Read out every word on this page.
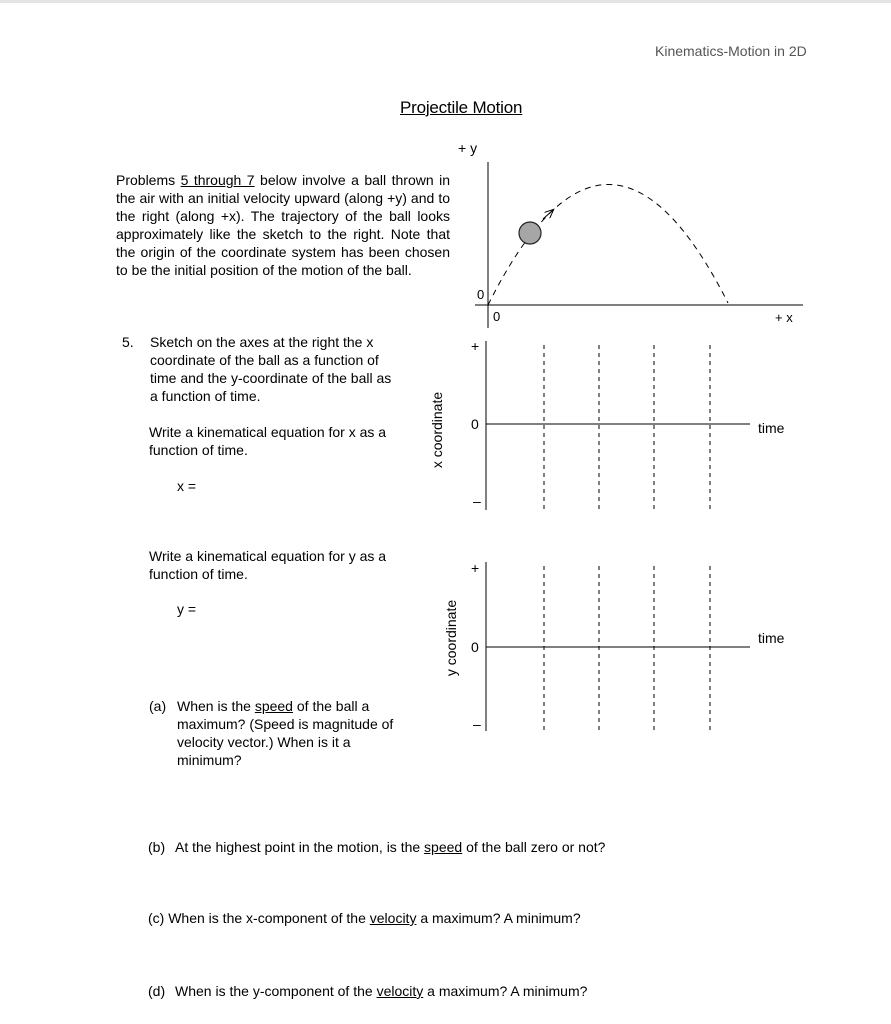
Kinematics-Motion in 2D
Projectile Motion
Problems 5 through 7 below involve a ball thrown in the air with an initial velocity upward (along +y) and to the right (along +x). The trajectory of the ball looks approximately like the sketch to the right. Note that the origin of the coordinate system has been chosen to be the initial position of the motion of the ball.
5. Sketch on the axes at the right the x coordinate of the ball as a function of time and the y-coordinate of the ball as a function of time.
Write a kinematical equation for x as a function of time.
x =
Write a kinematical equation for y as a function of time.
y =
(a) When is the speed of the ball a maximum? (Speed is magnitude of velocity vector.) When is it a minimum?
(b) At the highest point in the motion, is the speed of the ball zero or not?
(c) When is the x-component of the velocity a maximum? A minimum?
(d) When is the y-component of the velocity a maximum? A minimum?
+ y
+ x
0
0
x coordinate
+
0
–
time
y coordinate
+
0
–
time
